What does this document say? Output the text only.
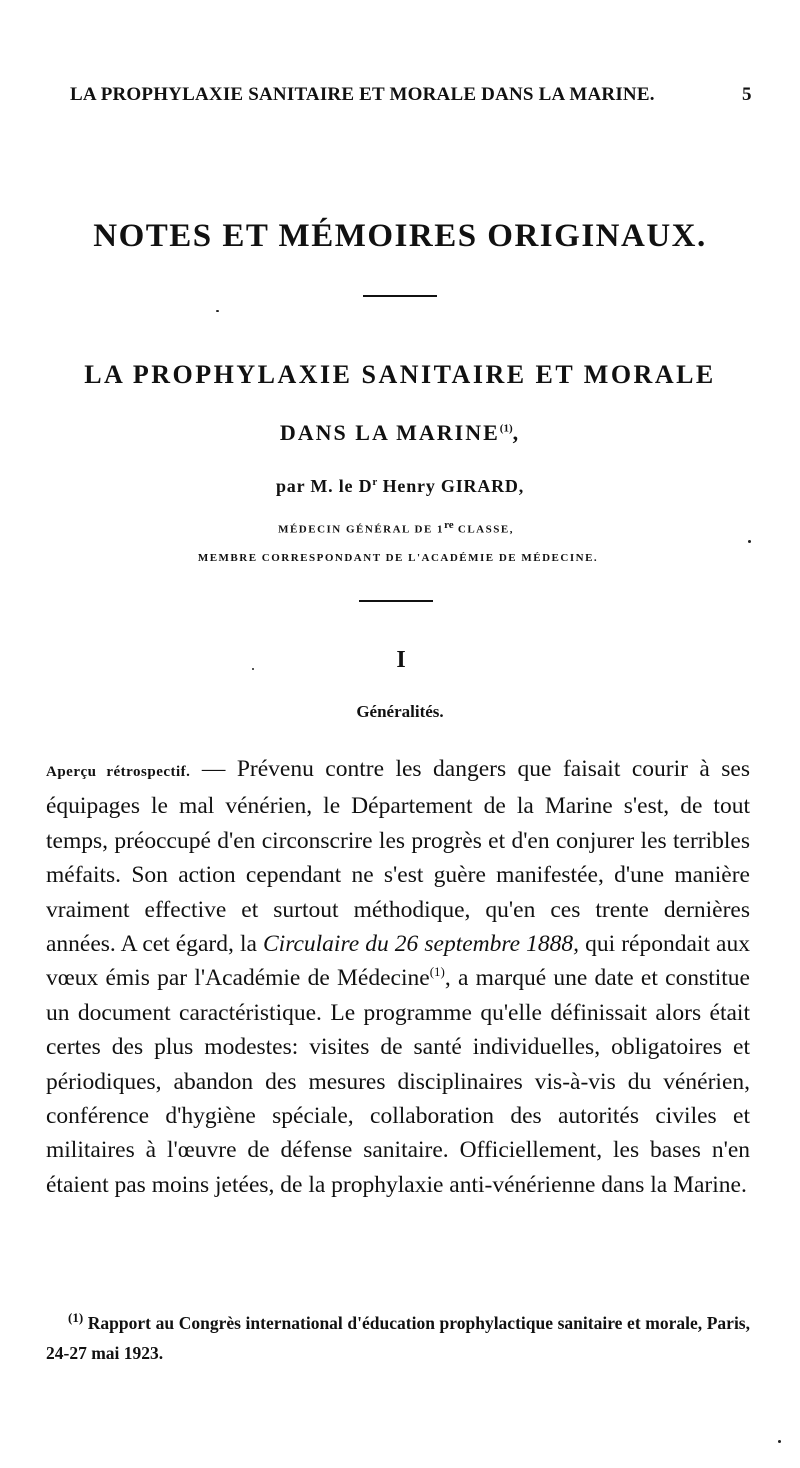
LA PROPHYLAXIE SANITAIRE ET MORALE DANS LA MARINE.	5
NOTES ET MÉMOIRES ORIGINAUX.
LA PROPHYLAXIE SANITAIRE ET MORALE
DANS LA MARINE$^{(1)}$,
par M. le $D^r$ Henry GIRARD,
MÉDECIN GÉNÉRAL DE 1re CLASSE,
MEMBRE CORRESPONDANT DE L'ACADÉMIE DE MÉDECINE.
I
Généralités.
Aperçu rétrospectif. — Prévenu contre les dangers que faisait courir à ses équipages le mal vénérien, le Département de la Marine s'est, de tout temps, préoccupé d'en circonscrire les progrès et d'en conjurer les terribles méfaits. Son action cependant ne s'est guère manifestée, d'une manière vraiment effective et surtout méthodique, qu'en ces trente dernières années. A cet égard, la Circulaire du 26 septembre 1888, qui répondait aux vœux émis par l'Académie de Médecine$^{(1)}$, a marqué une date et constitue un document caractéristique. Le programme qu'elle définissait alors était certes des plus modestes: visites de santé individuelles, obligatoires et périodiques, abandon des mesures disciplinaires vis-à-vis du vénérien, conférence d'hygiène spéciale, collaboration des autorités civiles et militaires à l'œuvre de défense sanitaire. Officiellement, les bases n'en étaient pas moins jetées, de la prophylaxie anti-vénérienne dans la Marine.
$^{(1)}$ Rapport au Congrès international d'éducation prophylactique sanitaire et morale, Paris, 24-27 mai 1923.
